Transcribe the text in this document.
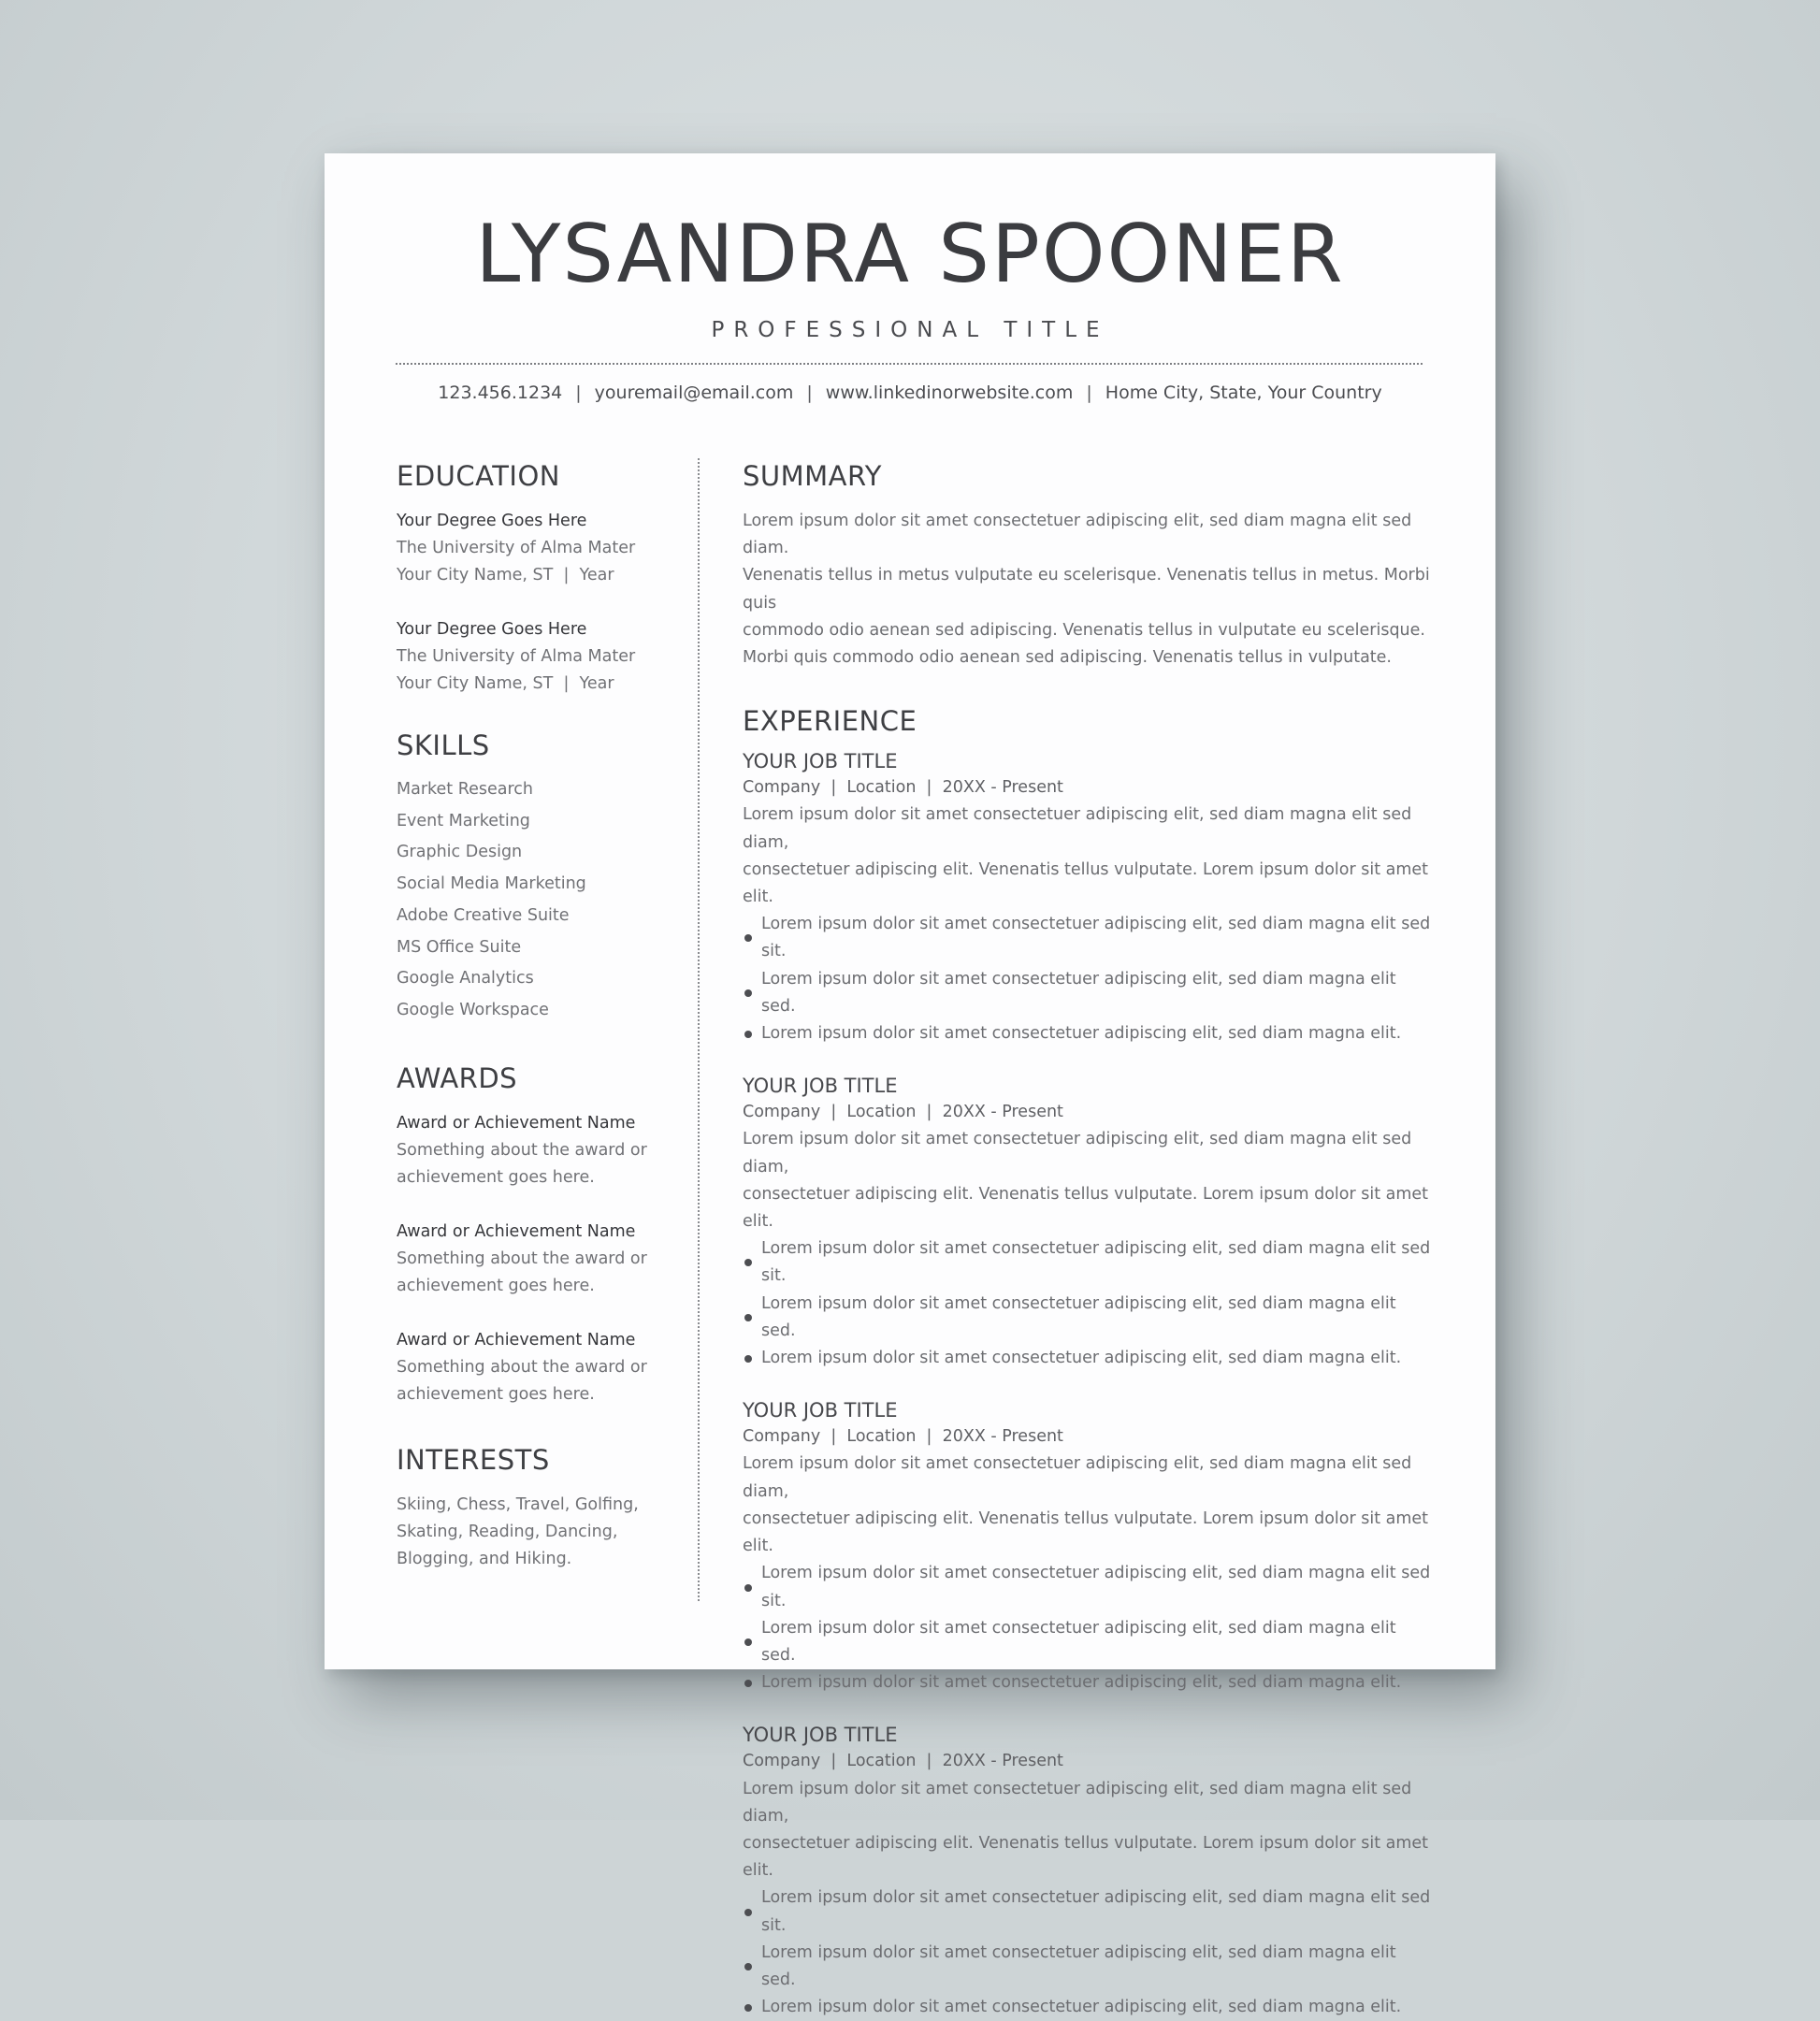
LYSANDRA SPOONER
PROFESSIONAL TITLE
123.456.1234 | youremail@email.com | www.linkedinorwebsite.com | Home City, State, Your Country
EDUCATION
Your Degree Goes Here
The University of Alma Mater
Your City Name, ST  |  Year
Your Degree Goes Here
The University of Alma Mater
Your City Name, ST  |  Year
SKILLS
Market Research
Event Marketing
Graphic Design
Social Media Marketing
Adobe Creative Suite
MS Office Suite
Google Analytics
Google Workspace
AWARDS
Award or Achievement Name
Something about the award or
achievement goes here.
Award or Achievement Name
Something about the award or
achievement goes here.
Award or Achievement Name
Something about the award or
achievement goes here.
INTERESTS
Skiing, Chess, Travel, Golfing,
Skating, Reading, Dancing,
Blogging, and Hiking.
SUMMARY
Lorem ipsum dolor sit amet consectetuer adipiscing elit, sed diam magna elit sed diam.
Venenatis tellus in metus vulputate eu scelerisque. Venenatis tellus in metus. Morbi quis
commodo odio aenean sed adipiscing. Venenatis tellus in vulputate eu scelerisque.
Morbi quis commodo odio aenean sed adipiscing. Venenatis tellus in vulputate.
EXPERIENCE
YOUR JOB TITLE
Company  |  Location  |  20XX - Present
Lorem ipsum dolor sit amet consectetuer adipiscing elit, sed diam magna elit sed diam,
consectetuer adipiscing elit. Venenatis tellus vulputate. Lorem ipsum dolor sit amet elit.
Lorem ipsum dolor sit amet consectetuer adipiscing elit, sed diam magna elit sed sit.
Lorem ipsum dolor sit amet consectetuer adipiscing elit, sed diam magna elit sed.
Lorem ipsum dolor sit amet consectetuer adipiscing elit, sed diam magna elit.
YOUR JOB TITLE
Company  |  Location  |  20XX - Present
Lorem ipsum dolor sit amet consectetuer adipiscing elit, sed diam magna elit sed diam,
consectetuer adipiscing elit. Venenatis tellus vulputate. Lorem ipsum dolor sit amet elit.
Lorem ipsum dolor sit amet consectetuer adipiscing elit, sed diam magna elit sed sit.
Lorem ipsum dolor sit amet consectetuer adipiscing elit, sed diam magna elit sed.
Lorem ipsum dolor sit amet consectetuer adipiscing elit, sed diam magna elit.
YOUR JOB TITLE
Company  |  Location  |  20XX - Present
Lorem ipsum dolor sit amet consectetuer adipiscing elit, sed diam magna elit sed diam,
consectetuer adipiscing elit. Venenatis tellus vulputate. Lorem ipsum dolor sit amet elit.
Lorem ipsum dolor sit amet consectetuer adipiscing elit, sed diam magna elit sed sit.
Lorem ipsum dolor sit amet consectetuer adipiscing elit, sed diam magna elit sed.
Lorem ipsum dolor sit amet consectetuer adipiscing elit, sed diam magna elit.
YOUR JOB TITLE
Company  |  Location  |  20XX - Present
Lorem ipsum dolor sit amet consectetuer adipiscing elit, sed diam magna elit sed diam,
consectetuer adipiscing elit. Venenatis tellus vulputate. Lorem ipsum dolor sit amet elit.
Lorem ipsum dolor sit amet consectetuer adipiscing elit, sed diam magna elit sed sit.
Lorem ipsum dolor sit amet consectetuer adipiscing elit, sed diam magna elit sed.
Lorem ipsum dolor sit amet consectetuer adipiscing elit, sed diam magna elit.
